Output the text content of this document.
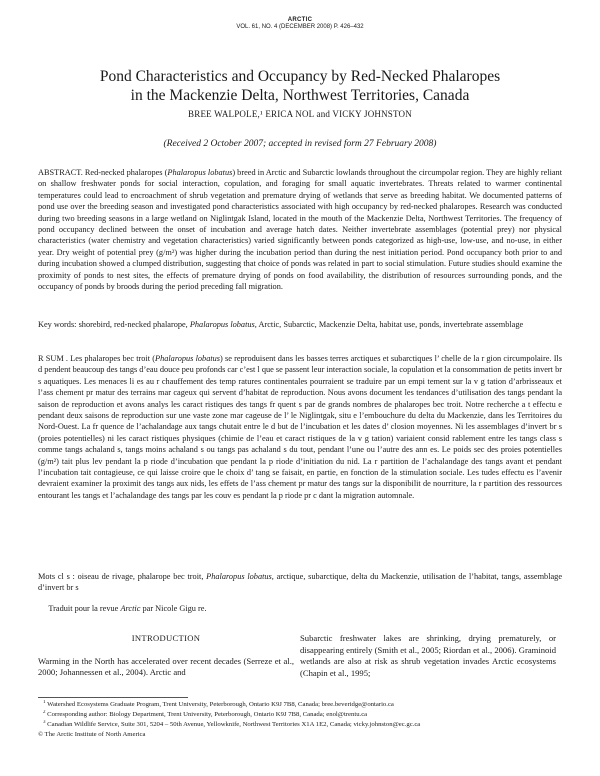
ARCTIC
VOL. 61, NO. 4 (DECEMBER 2008) P. 426–432
Pond Characteristics and Occupancy by Red-Necked Phalaropes
in the Mackenzie Delta, Northwest Territories, Canada
BREE WALPOLE,¹ ERICA NOL and VICKY JOHNSTON
(Received 2 October 2007; accepted in revised form 27 February 2008)
ABSTRACT. Red-necked phalaropes (Phalaropus lobatus) breed in Arctic and Subarctic lowlands throughout the circumpolar region. They are highly reliant on shallow freshwater ponds for social interaction, copulation, and foraging for small aquatic invertebrates. Threats related to warmer continental temperatures could lead to encroachment of shrub vegetation and premature drying of wetlands that serve as breeding habitat. We documented patterns of pond use over the breeding season and investigated pond characteristics associated with high occupancy by red-necked phalaropes. Research was conducted during two breeding seasons in a large wetland on Niglintgak Island, located in the mouth of the Mackenzie Delta, Northwest Territories. The frequency of pond occupancy declined between the onset of incubation and average hatch dates. Neither invertebrate assemblages (potential prey) nor physical characteristics (water chemistry and vegetation characteristics) varied significantly between ponds categorized as high-use, low-use, and no-use, in either year. Dry weight of potential prey (g/m²) was higher during the incubation period than during the nest initiation period. Pond occupancy both prior to and during incubation showed a clumped distribution, suggesting that choice of ponds was related in part to social stimulation. Future studies should examine the proximity of ponds to nest sites, the effects of premature drying of ponds on food availability, the distribution of resources surrounding ponds, and the occupancy of ponds by broods during the period preceding fall migration.
Key words: shorebird, red-necked phalarope, Phalaropus lobatus, Arctic, Subarctic, Mackenzie Delta, habitat use, ponds, invertebrate assemblage
R SUM . Les phalaropes bec troit (Phalaropus lobatus) se reproduisent dans les basses terres arctiques et subarctiques l’ chelle de la r gion circumpolaire. Ils d pendent beaucoup des tangs d’eau douce peu profonds car c’est l que se passent leur interaction sociale, la copulation et la consommation de petits invert br s aquatiques. Les menaces li es au r chauffement des temp ratures continentales pourraient se traduire par un empi tement sur la v g tation d’arbrisseaux et l’ass chement pr matur des terrains mar cageux qui servent d’habitat de reproduction. Nous avons document les tendances d’utilisation des tangs pendant la saison de reproduction et avons analys les caract ristiques des tangs fr quent s par de grands nombres de phalaropes bec troit. Notre recherche a t effectu e pendant deux saisons de reproduction sur une vaste zone mar cageuse de l’ le Niglintgak, situ e l’embouchure du delta du Mackenzie, dans les Territoires du Nord-Ouest. La fr quence de l’achalandage aux tangs chutait entre le d but de l’incubation et les dates d’ closion moyennes. Ni les assemblages d’invert br s (proies potentielles) ni les caract ristiques physiques (chimie de l’eau et caract ristiques de la v g tation) variaient consid rablement entre les tangs class s comme tangs achaland s, tangs moins achaland s ou tangs pas achaland s du tout, pendant l’une ou l’autre des ann es. Le poids sec des proies potentielles (g/m²) tait plus lev pendant la p riode d’incubation que pendant la p riode d’initiation du nid. La r partition de l’achalandage des tangs avant et pendant l’incubation tait contagieuse, ce qui laisse croire que le choix d’ tang se faisait, en partie, en fonction de la stimulation sociale. Les tudes effectu es l’avenir devraient examiner la proximit des tangs aux nids, les effets de l’ass chement pr matur des tangs sur la disponibilit de nourriture, la r partition des ressources entourant les tangs et l’achalandage des tangs par les couv es pendant la p riode pr c dant la migration automnale.
Mots cl s : oiseau de rivage, phalarope bec troit, Phalaropus lobatus, arctique, subarctique, delta du Mackenzie, utilisation de l’habitat, tangs, assemblage d’invert br s
Traduit pour la revue Arctic par Nicole Gigu re.
INTRODUCTION
Warming in the North has accelerated over recent decades (Serreze et al., 2000; Johannessen et al., 2004). Arctic and
Subarctic freshwater lakes are shrinking, drying prematurely, or disappearing entirely (Smith et al., 2005; Riordan et al., 2006). Graminoid wetlands are also at risk as shrub vegetation invades Arctic ecosystems (Chapin et al., 1995;
$^1$ Watershed Ecosystems Graduate Program, Trent University, Peterborough, Ontario K9J 7B8, Canada; bree.beveridge@ontario.ca
$^2$ Corresponding author: Biology Department, Trent University, Peterborough, Ontario K9J 7B8, Canada; enol@trentu.ca
$^3$ Canadian Wildlife Service, Suite 301, 5204 – 50th Avenue, Yellowknife, Northwest Territories X1A 1E2, Canada; vicky.johnston@ec.gc.ca
© The Arctic Institute of North America
